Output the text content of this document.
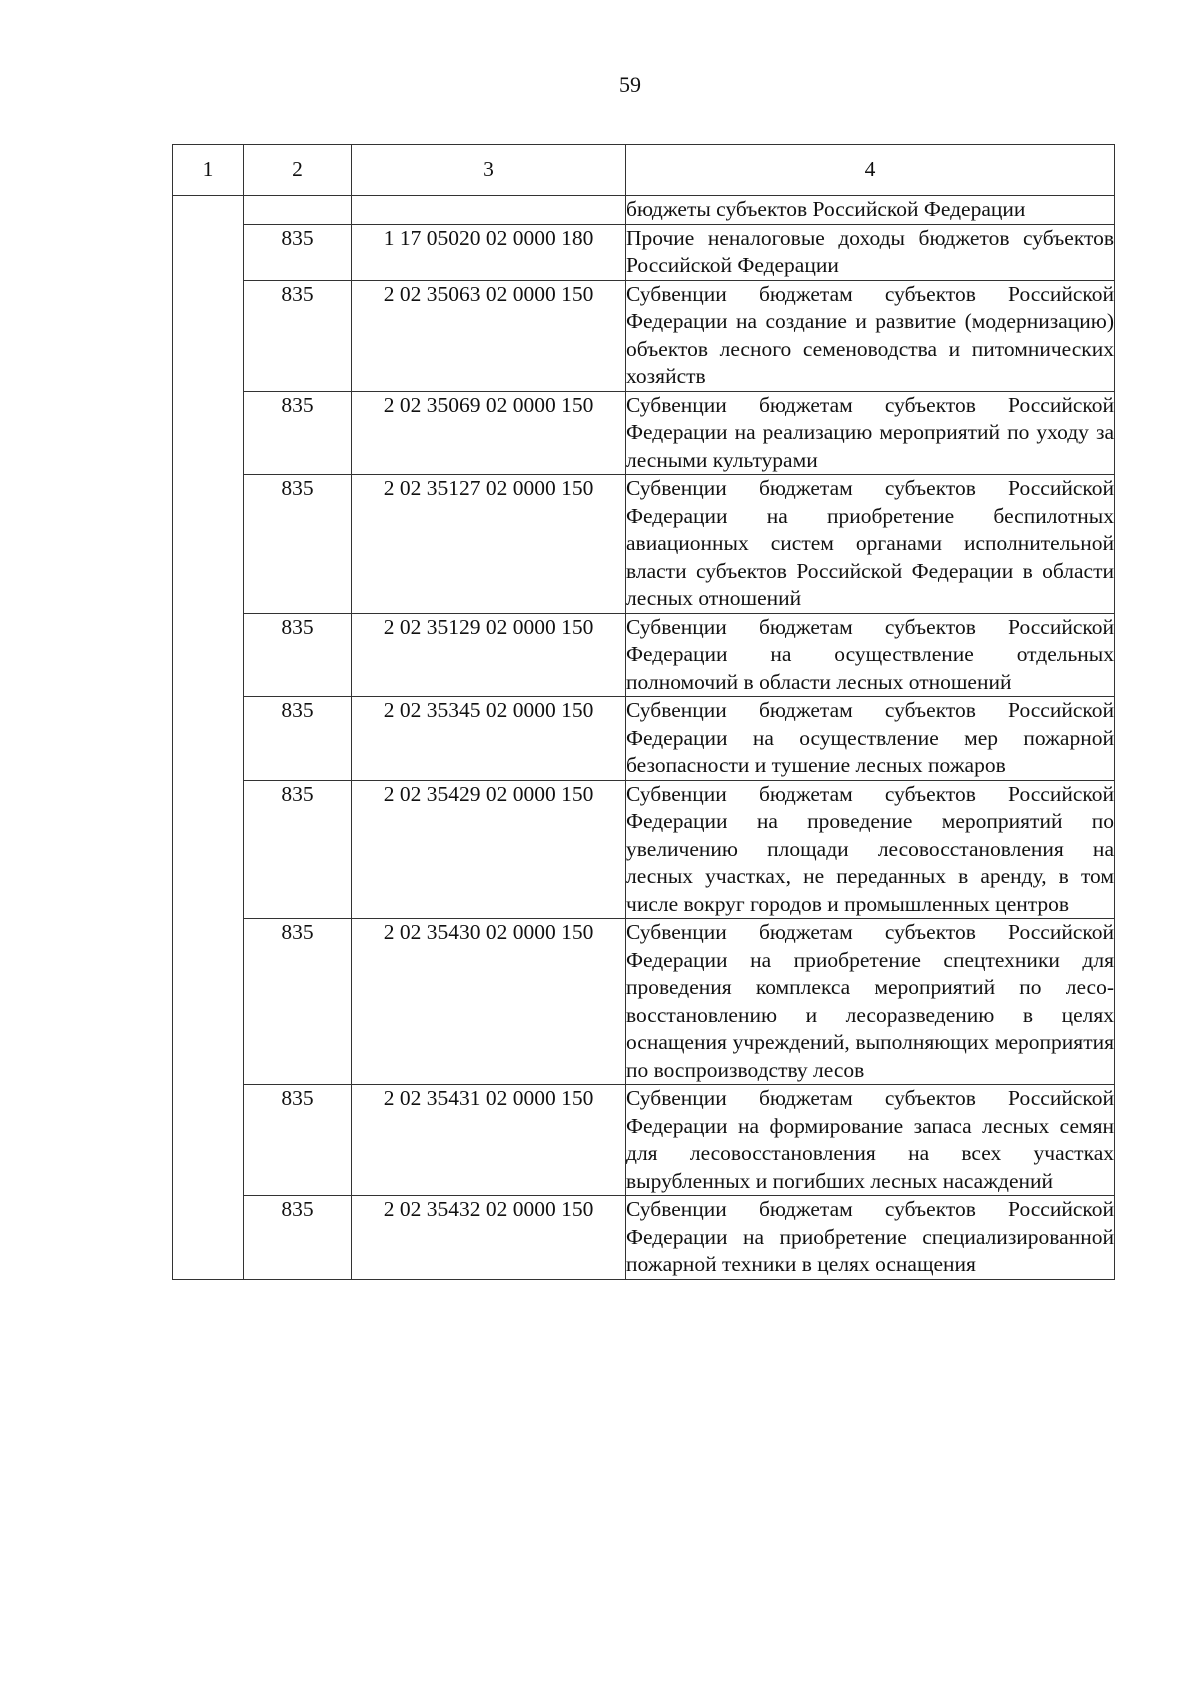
59
1	2	3	4
			бюджеты субъектов Российской Федерации
	835	1 17 05020 02 0000 180	Прочие неналоговые доходы бюджетов субъектов Российской Федерации
	835	2 02 35063 02 0000 150	Субвенции бюджетам субъектов Российской Федерации на создание и развитие (модернизацию) объектов лесного семеноводства и питомнических хозяйств
	835	2 02 35069 02 0000 150	Субвенции бюджетам субъектов Российской Федерации на реализацию мероприятий по уходу за лесными культурами
	835	2 02 35127 02 0000 150	Субвенции бюджетам субъектов Российской Федерации на приобретение беспилотных авиационных систем органами исполнительной власти субъектов Российской Федерации в области лесных отношений
	835	2 02 35129 02 0000 150	Субвенции бюджетам субъектов Российской Федерации на осуществление отдельных полномочий в области лесных отношений
	835	2 02 35345 02 0000 150	Субвенции бюджетам субъектов Российской Федерации на осуществление мер пожарной безопасности и тушение лесных пожаров
	835	2 02 35429 02 0000 150	Субвенции бюджетам субъектов Российской Федерации на проведение мероприятий по увеличению площади лесовосстановления на лесных участках, не переданных в аренду, в том числе вокруг городов и промышленных центров
	835	2 02 35430 02 0000 150	Субвенции бюджетам субъектов Российской Федерации на приобретение спецтехники для проведения комплекса мероприятий по лесовосстановлению и лесоразведению в целях оснащения учреждений, выполняющих мероприятия по воспроизводству лесов
	835	2 02 35431 02 0000 150	Субвенции бюджетам субъектов Российской Федерации на формирование запаса лесных семян для лесовосстановления на всех участках вырубленных и погибших лесных насаждений
	835	2 02 35432 02 0000 150	Субвенции бюджетам субъектов Российской Федерации на приобретение специализированной пожарной техники в целях оснащения
